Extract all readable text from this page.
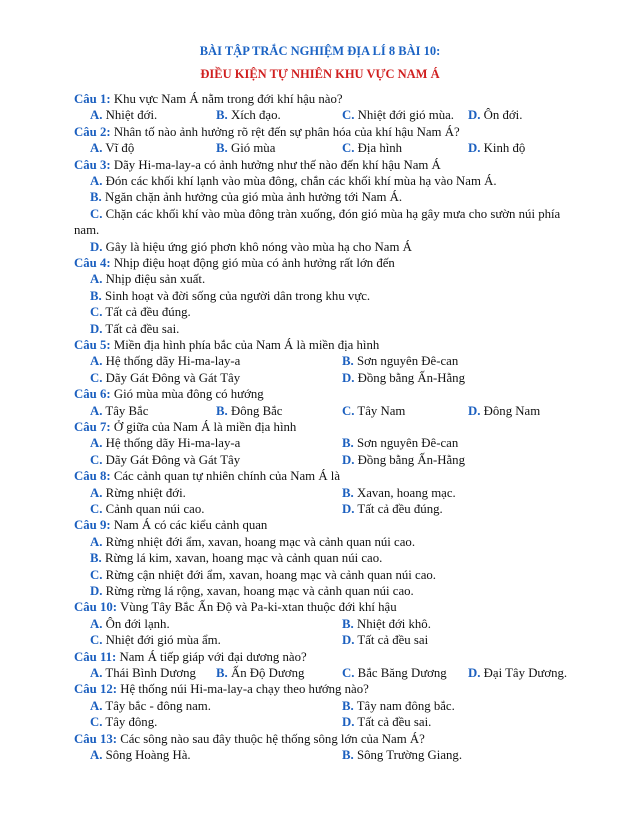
BÀI TẬP TRẮC NGHIỆM ĐỊA LÍ 8 BÀI 10:
ĐIỀU KIỆN TỰ NHIÊN KHU VỰC NAM Á

Câu 1: Khu vực Nam Á nằm trong đới khí hậu nào?

A. Nhiệt đới.	B. Xích đạo.	C. Nhiệt đới gió mùa. D. Ôn đới.

Câu 2: Nhân tố nào ảnh hưởng rõ rệt đến sự phân hóa của khí hậu Nam Á?

A. Vĩ độ	B. Gió mùa	C. Địa hình	D. Kinh độ

Câu 3: Dãy Hi-ma-lay-a có ảnh hưởng như thế nào đến khí hậu Nam Á

A. Đón các khối khí lạnh vào mùa đông, chắn các khối khí mùa hạ vào Nam Á.
B. Ngăn chặn ảnh hưởng của gió mùa ảnh hưởng tới Nam Á.
C. Chặn các khối khí vào mùa đông tràn xuống, đón gió mùa hạ gây mưa cho sườn núi phía
nam.
D. Gây là hiệu ứng gió phơn khô nóng vào mùa hạ cho Nam Á

Câu 4: Nhịp điệu hoạt động gió mùa có ảnh hưởng rất lớn đến

A. Nhịp điệu sản xuất.
B. Sinh hoạt và đời sống của người dân trong khu vực.
C. Tất cả đều đúng.
D. Tất cả đều sai.

Câu 5: Miền địa hình phía bắc của Nam Á là miền địa hình

A. Hệ thống dãy Hi-ma-lay-a	B. Sơn nguyên Đê-can
C. Dãy Gát Đông và Gát Tây	D. Đồng bằng Ấn-Hằng

Câu 6: Gió mùa mùa đông có hướng

A. Tây Bắc	B. Đông Bắc	C. Tây Nam	D. Đông Nam

Câu 7: Ở giữa của Nam Á là miền địa hình

A. Hệ thống dãy Hi-ma-lay-a	B. Sơn nguyên Đê-can
C. Dãy Gát Đông và Gát Tây	D. Đồng bằng Ấn-Hằng

Câu 8: Các cảnh quan tự nhiên chính của Nam Á là

A. Rừng nhiệt đới.	B. Xavan, hoang mạc.
C. Cảnh quan núi cao.	D. Tất cả đều đúng.

Câu 9: Nam Á có các kiểu cảnh quan

A. Rừng nhiệt đới ẩm, xavan, hoang mạc và cảnh quan núi cao.
B. Rừng lá kim, xavan, hoang mạc và cảnh quan núi cao.
C. Rừng cận nhiệt đới ẩm, xavan, hoang mạc và cảnh quan núi cao.
D. Rừng rừng lá rộng, xavan, hoang mạc và cảnh quan núi cao.

Câu 10: Vùng Tây Bắc Ấn Độ và Pa-ki-xtan thuộc đới khí hậu

A. Ôn đới lạnh.	B. Nhiệt đới khô.
C. Nhiệt đới gió mùa ẩm.	D. Tất cả đều sai

Câu 11: Nam Á tiếp giáp với đại dương nào?

A. Thái Bình Dương B. Ấn Độ Dương	C. Bắc Băng Dương D. Đại Tây Dương.

Câu 12: Hệ thống núi Hi-ma-lay-a chạy theo hướng nào?

A. Tây bắc - đông nam.	B. Tây nam đông bắc.
C. Tây đông.	D. Tất cả đều sai.

Câu 13: Các sông nào sau đây thuộc hệ thống sông lớn của Nam Á?

A. Sông Hoàng Hà.	B. Sông Trường Giang.
